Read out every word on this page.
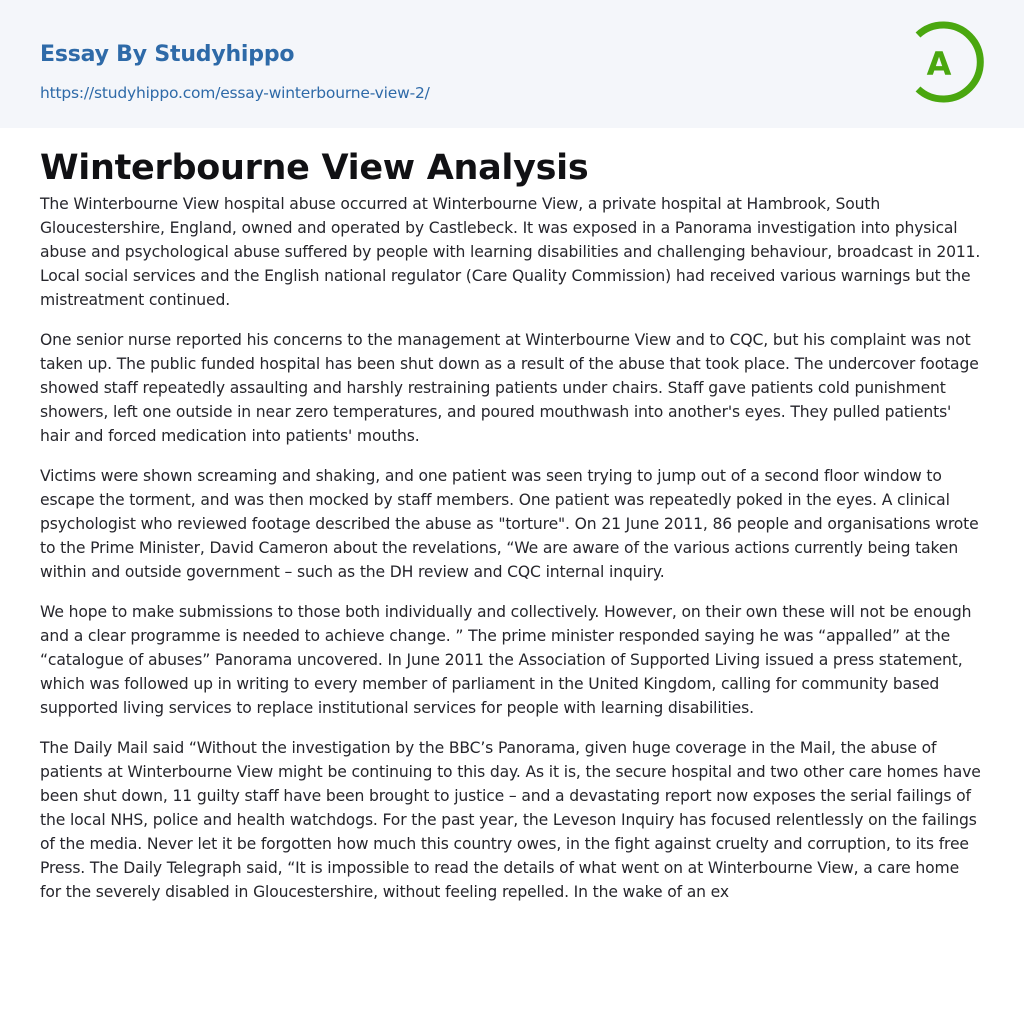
Essay By Studyhippo
https://studyhippo.com/essay-winterbourne-view-2/
A
Winterbourne View Analysis

The Winterbourne View hospital abuse occurred at Winterbourne View, a private hospital at Hambrook, South Gloucestershire, England, owned and operated by Castlebeck. It was exposed in a Panorama investigation into physical abuse and psychological abuse suffered by people with learning disabilities and challenging behaviour, broadcast in 2011. Local social services and the English national regulator (Care Quality Commission) had received various warnings but the mistreatment continued.

One senior nurse reported his concerns to the management at Winterbourne View and to CQC, but his complaint was not taken up. The public funded hospital has been shut down as a result of the abuse that took place. The undercover footage showed staff repeatedly assaulting and harshly restraining patients under chairs. Staff gave patients cold punishment showers, left one outside in near zero temperatures, and poured mouthwash into another's eyes. They pulled patients' hair and forced medication into patients' mouths.

Victims were shown screaming and shaking, and one patient was seen trying to jump out of a second floor window to escape the torment, and was then mocked by staff members. One patient was repeatedly poked in the eyes. A clinical psychologist who reviewed footage described the abuse as "torture". On 21 June 2011, 86 people and organisations wrote to the Prime Minister, David Cameron about the revelations, “We are aware of the various actions currently being taken within and outside government – such as the DH review and CQC internal inquiry.

We hope to make submissions to those both individually and collectively. However, on their own these will not be enough and a clear programme is needed to achieve change. ” The prime minister responded saying he was “appalled” at the “catalogue of abuses” Panorama uncovered. In June 2011 the Association of Supported Living issued a press statement, which was followed up in writing to every member of parliament in the United Kingdom, calling for community based supported living services to replace institutional services for people with learning disabilities.

The Daily Mail said “Without the investigation by the BBC’s Panorama, given huge coverage in the Mail, the abuse of patients at Winterbourne View might be continuing to this day. As it is, the secure hospital and two other care homes have been shut down, 11 guilty staff have been brought to justice – and a devastating report now exposes the serial failings of the local NHS, police and health watchdogs. For the past year, the Leveson Inquiry has focused relentlessly on the failings of the media. Never let it be forgotten how much this country owes, in the fight against cruelty and corruption, to its free Press. The Daily Telegraph said, “It is impossible to read the details of what went on at Winterbourne View, a care home for the severely disabled in Gloucestershire, without feeling repelled. In the wake of an ex
